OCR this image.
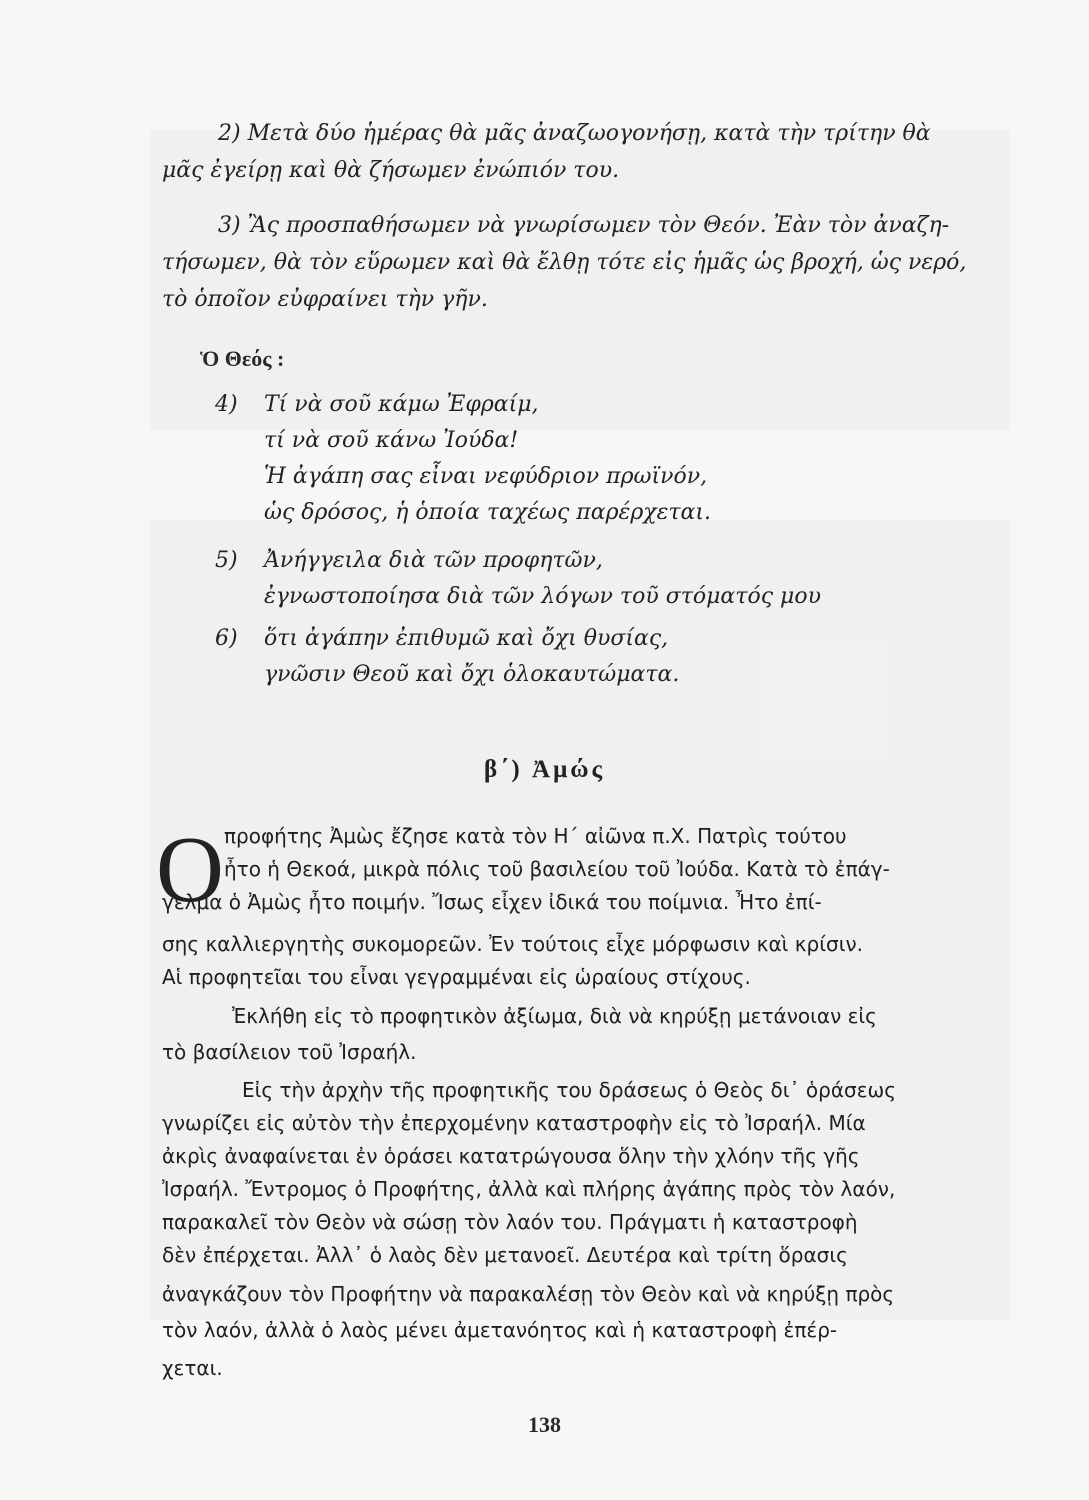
2) Μετὰ δύο ἡμέρας θὰ μᾶς ἀναζωογονήσῃ, κατὰ τὴν τρίτην θὰ
μᾶς ἐγείρῃ καὶ θὰ ζήσωμεν ἐνώπιόν του.
3) Ἂς προσπαθήσωμεν νὰ γνωρίσωμεν τὸν Θεόν. Ἐὰν τὸν ἀναζη-
τήσωμεν, θὰ τὸν εὕρωμεν καὶ θὰ ἔλθῃ τότε εἰς ἡμᾶς ὡς βροχή, ὡς νερό,
τὸ ὁποῖον εὐφραίνει τὴν γῆν.
Ὁ Θεός :
4) Τί νὰ σοῦ κάμω Ἐφραίμ,
τί νὰ σοῦ κάνω Ἰούδα!
Ἡ ἀγάπη σας εἶναι νεφύδριον πρωϊνόν,
ὡς δρόσος, ἡ ὁποία ταχέως παρέρχεται.
5) Ἀνήγγειλα διὰ τῶν προφητῶν,
ἐγνωστοποίησα διὰ τῶν λόγων τοῦ στόματός μου
6) ὅτι ἀγάπην ἐπιθυμῶ καὶ ὄχι θυσίας,
γνῶσιν Θεοῦ καὶ ὄχι ὁλοκαυτώματα.
β΄) Ἀμώς
Ο προφήτης Ἀμὼς ἔζησε κατὰ τὸν Η΄ αἰῶνα π.Χ. Πατρὶς τούτου
ἦτο ἡ Θεκοά, μικρὰ πόλις τοῦ βασιλείου τοῦ Ἰούδα. Κατὰ τὸ ἐπάγ-
γελμα ὁ Ἀμὼς ἦτο ποιμήν. Ἴσως εἶχεν ἰδικά του ποίμνια. Ἦτο ἐπί-
σης καλλιεργητὴς συκομορεῶν. Ἐν τούτοις εἶχε μόρφωσιν καὶ κρίσιν.
Αἱ προφητεῖαι του εἶναι γεγραμμέναι εἰς ὡραίους στίχους.
Ἐκλήθη εἰς τὸ προφητικὸν ἀξίωμα, διὰ νὰ κηρύξῃ μετάνοιαν εἰς
τὸ βασίλειον τοῦ Ἰσραήλ.
Εἰς τὴν ἀρχὴν τῆς προφητικῆς του δράσεως ὁ Θεὸς δι᾽ ὁράσεως
γνωρίζει εἰς αὐτὸν τὴν ἐπερχομένην καταστροφὴν εἰς τὸ Ἰσραήλ. Μία
ἀκρὶς ἀναφαίνεται ἐν ὁράσει κατατρώγουσα ὅλην τὴν χλόην τῆς γῆς
Ἰσραήλ. Ἔντρομος ὁ Προφήτης, ἀλλὰ καὶ πλήρης ἀγάπης πρὸς τὸν λαόν,
παρακαλεῖ τὸν Θεὸν νὰ σώσῃ τὸν λαόν του. Πράγματι ἡ καταστροφὴ
δὲν ἐπέρχεται. Ἀλλ᾽ ὁ λαὸς δὲν μετανοεῖ. Δευτέρα καὶ τρίτη ὅρασις
ἀναγκάζουν τὸν Προφήτην νὰ παρακαλέσῃ τὸν Θεὸν καὶ νὰ κηρύξῃ πρὸς
τὸν λαόν, ἀλλὰ ὁ λαὸς μένει ἀμετανόητος καὶ ἡ καταστροφὴ ἐπέρ-
χεται.
138
